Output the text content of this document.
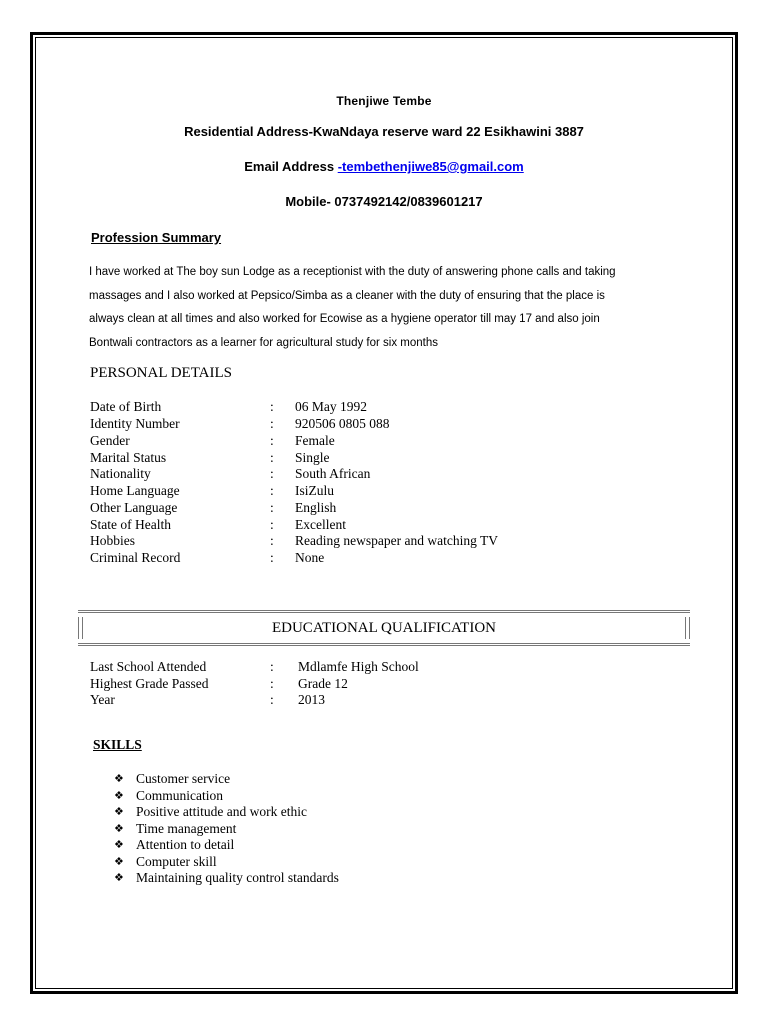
Thenjiwe Tembe
Residential Address-KwaNdaya reserve ward 22 Esikhawini 3887
Email Address -tembethenjiwe85@gmail.com
Mobile- 0737492142/0839601217
Profession Summary

I have worked at The boy sun Lodge as a receptionist with the duty of answering phone calls and taking

massages and I also worked at Pepsico/Simba as a cleaner with the duty of ensuring that the place is

always clean at all times and also worked for Ecowise as a hygiene operator till may 17 and also join

Bontwali contractors as a learner for agricultural study for six months

PERSONAL DETAILS
Date of Birth	: 06 May 1992
Identity Number	: 920506 0805 088
Gender	: Female
Marital Status	: Single
Nationality	: South African
Home Language	: IsiZulu
Other Language	: English
State of Health	: Excellent
Hobbies	: Reading newspaper and watching TV
Criminal Record	: None
EDUCATIONAL QUALIFICATION
Last School Attended	: Mdlamfe High School
Highest Grade Passed	: Grade 12
Year	: 2013
SKILLS
❖ Customer service
❖ Communication
❖ Positive attitude and work ethic
❖ Time management
❖ Attention to detail
❖ Computer skill
❖ Maintaining quality control standards
